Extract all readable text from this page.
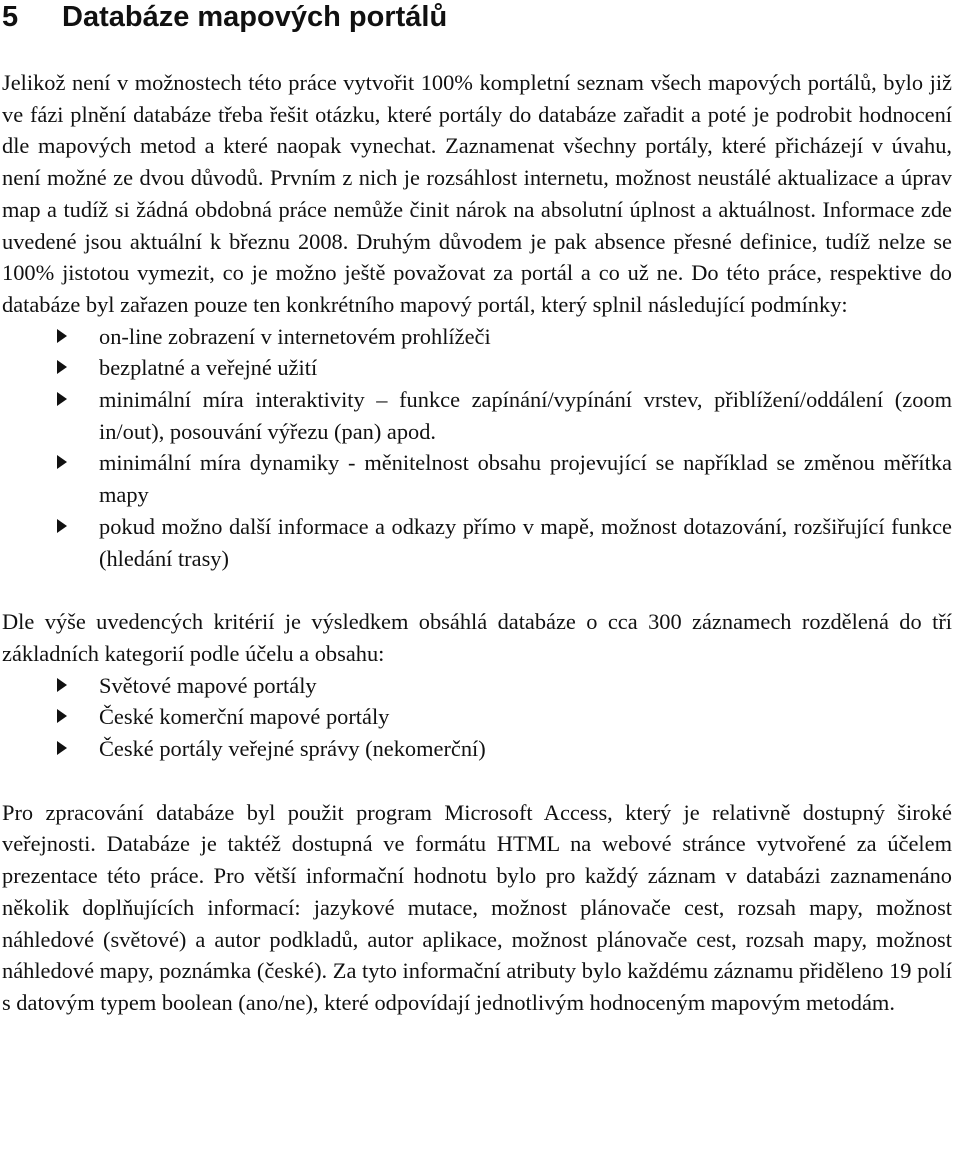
5	Databáze mapových portálů

Jelikož není v možnostech této práce vytvořit 100% kompletní seznam všech mapových portálů, bylo již ve fázi plnění databáze třeba řešit otázku, které portály do databáze zařadit a poté je podrobit hodnocení dle mapových metod a které naopak vynechat. Zaznamenat všechny portály, které přicházejí v úvahu, není možné ze dvou důvodů. Prvním z nich je rozsáhlost internetu, možnost neustálé aktualizace a úprav map a tudíž si žádná obdobná práce nemůže činit nárok na absolutní úplnost a aktuálnost. Informace zde uvedené jsou aktuální k březnu 2008. Druhým důvodem je pak absence přesné definice, tudíž nelze se 100% jistotou vymezit, co je možno ještě považovat za portál a co už ne. Do této práce, respektive do databáze byl zařazen pouze ten konkrétního mapový portál, který splnil následující podmínky:

on-line zobrazení v internetovém prohlížeči
bezplatné a veřejné užití
minimální míra interaktivity – funkce zapínání/vypínání vrstev, přiblížení/oddálení (zoom in/out), posouvání výřezu (pan) apod.
minimální míra dynamiky - měnitelnost obsahu projevující se například se změnou měřítka mapy
pokud možno další informace a odkazy přímo v mapě, možnost dotazování, rozšiřující funkce (hledání trasy)

Dle výše uvedencých kritérií je výsledkem obsáhlá databáze o cca 300 záznamech rozdělená do tří základních kategorií podle účelu a obsahu:

Světové mapové portály
České komerční mapové portály
České portály veřejné správy (nekomerční)

Pro zpracování databáze byl použit program Microsoft Access, který je relativně dostupný široké veřejnosti. Databáze je taktéž dostupná ve formátu HTML na webové stránce vytvořené za účelem prezentace této práce. Pro větší informační hodnotu bylo pro každý záznam v databázi zaznamenáno několik doplňujících informací: jazykové mutace, možnost plánovače cest, rozsah mapy, možnost náhledové (světové) a autor podkladů, autor aplikace, možnost plánovače cest, rozsah mapy, možnost náhledové mapy, poznámka (české). Za tyto informační atributy bylo každému záznamu přiděleno 19 polí s datovým typem boolean (ano/ne), které odpovídají jednotlivým hodnoceným mapovým metodám.
